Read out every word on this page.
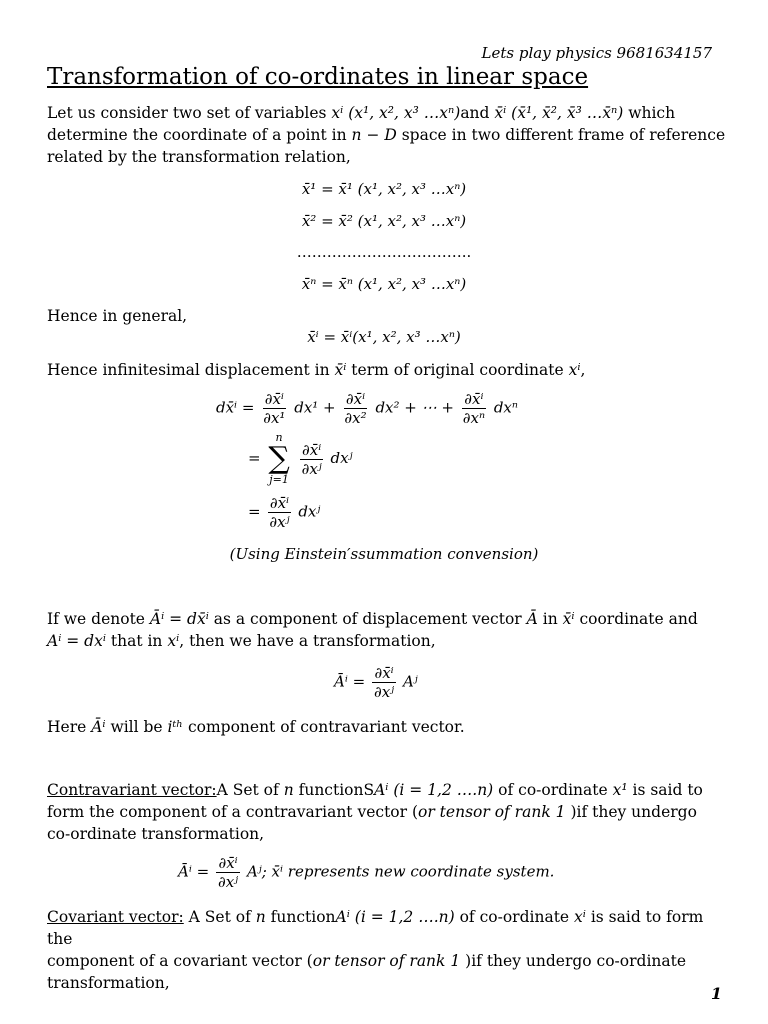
Lets play physics 9681634157
Transformation of co-ordinates in linear space
Let us consider two set of variables xⁱ (x¹, x², x³ …xⁿ)and x̄ⁱ (x̄¹, x̄², x̄³ …x̄ⁿ) which
determine the coordinate of a point in n − D space in two different frame of reference
related by the transformation relation,
x̄¹ = x̄¹ (x¹, x², x³ …xⁿ)
x̄² = x̄² (x¹, x², x³ …xⁿ)
……………………………..
x̄ⁿ = x̄ⁿ (x¹, x², x³ …xⁿ)
Hence in general,
x̄ⁱ = x̄ⁱ(x¹, x², x³ …xⁿ)
Hence infinitesimal displacement in x̄ⁱ term of original coordinate xⁱ,
dx̄ⁱ = $\frac{\text{∂x̄ⁱ}}{\text{∂x¹}} dx^1 + \frac{\text{∂x̄ⁱ}}{\text{∂x²}} dx^2$ + ⋯ + $\frac{\text{∂x̄ⁱ}}{\text{∂xⁿ}}$ dxⁿ
=
n
∑
j=1

$\frac{\text{∂x̄ⁱ}}{\text{∂xʲ}}$ dxʲ
= $\frac{\text{∂x̄ⁱ}}{\text{∂xʲ}}$ dxʲ
(Using Einstein′ssummation convension)
If we denote Āⁱ = dx̄ⁱ as a component of displacement vector Ā in x̄ⁱ coordinate and
Aⁱ = dxⁱ that in xⁱ, then we have a transformation,
Āⁱ = $\frac{\text{∂x̄ⁱ}}{\text{∂xʲ}}$ Aʲ
Here Āⁱ will be iᵗʰ component of contravariant vector.
Contravariant vector:A Set of n functionSAⁱ (i = 1,2 ….n) of co-ordinate x¹ is said to
form the component of a contravariant vector (or tensor of rank 1 )if they undergo
co-ordinate transformation,
Āⁱ = $\frac{\text{∂x̄ⁱ}}{\text{∂xʲ}}$ Aʲ; x̄ⁱ represents new coordinate system.
Covariant vector: A Set of n functionAⁱ (i = 1,2 ….n) of co-ordinate xⁱ is said to form the
component of a covariant vector (or tensor of rank 1 )if they undergo co-ordinate
transformation,
1
